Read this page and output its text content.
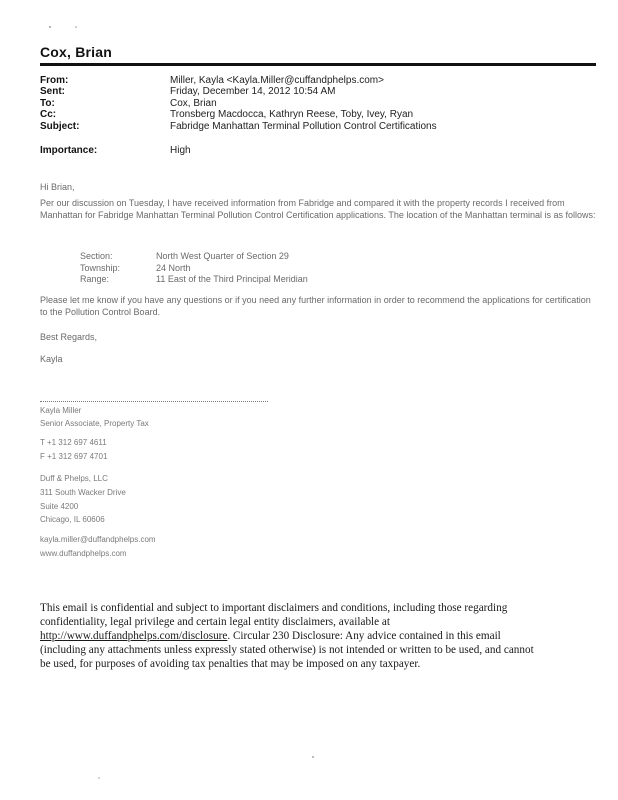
Cox, Brian
From:	Miller, Kayla <Kayla.Miller@cuffandphelps.com>
Sent:	Friday, December 14, 2012 10:54 AM
To:	Cox, Brian
Cc:	Tronsberg Macdocca, Kathryn Reese, Toby, Ivey, Ryan
Subject:	Fabridge Manhattan Terminal Pollution Control Certifications
Importance:	High
Hi Brian,
Per our discussion on Tuesday, I have received information from Fabridge and compared it with the property records I received from Manhattan for Fabridge Manhattan Terminal Pollution Control Certification applications. The location of the Manhattan terminal is as follows:
Section:	North West Quarter of Section 29
Township:	24 North
Range:	11 East of the Third Principal Meridian
Please let me know if you have any questions or if you need any further information in order to recommend the applications for certification to the Pollution Control Board.
Best Regards,
Kayla
Kayla Miller
Senior Associate, Property Tax
T +1 312 697 4611
F +1 312 697 4701
Duff & Phelps, LLC
311 South Wacker Drive
Suite 4200
Chicago, IL 60606
kayla.miller@duffandphelps.com
www.duffandphelps.com
This email is confidential and subject to important disclaimers and conditions, including those regarding
confidentiality, legal privilege and certain legal entity disclaimers, available at
http://www.duffandphelps.com/disclosure. Circular 230 Disclosure: Any advice contained in this email
(including any attachments unless expressly stated otherwise) is not intended or written to be used, and cannot
be used, for purposes of avoiding tax penalties that may be imposed on any taxpayer.
